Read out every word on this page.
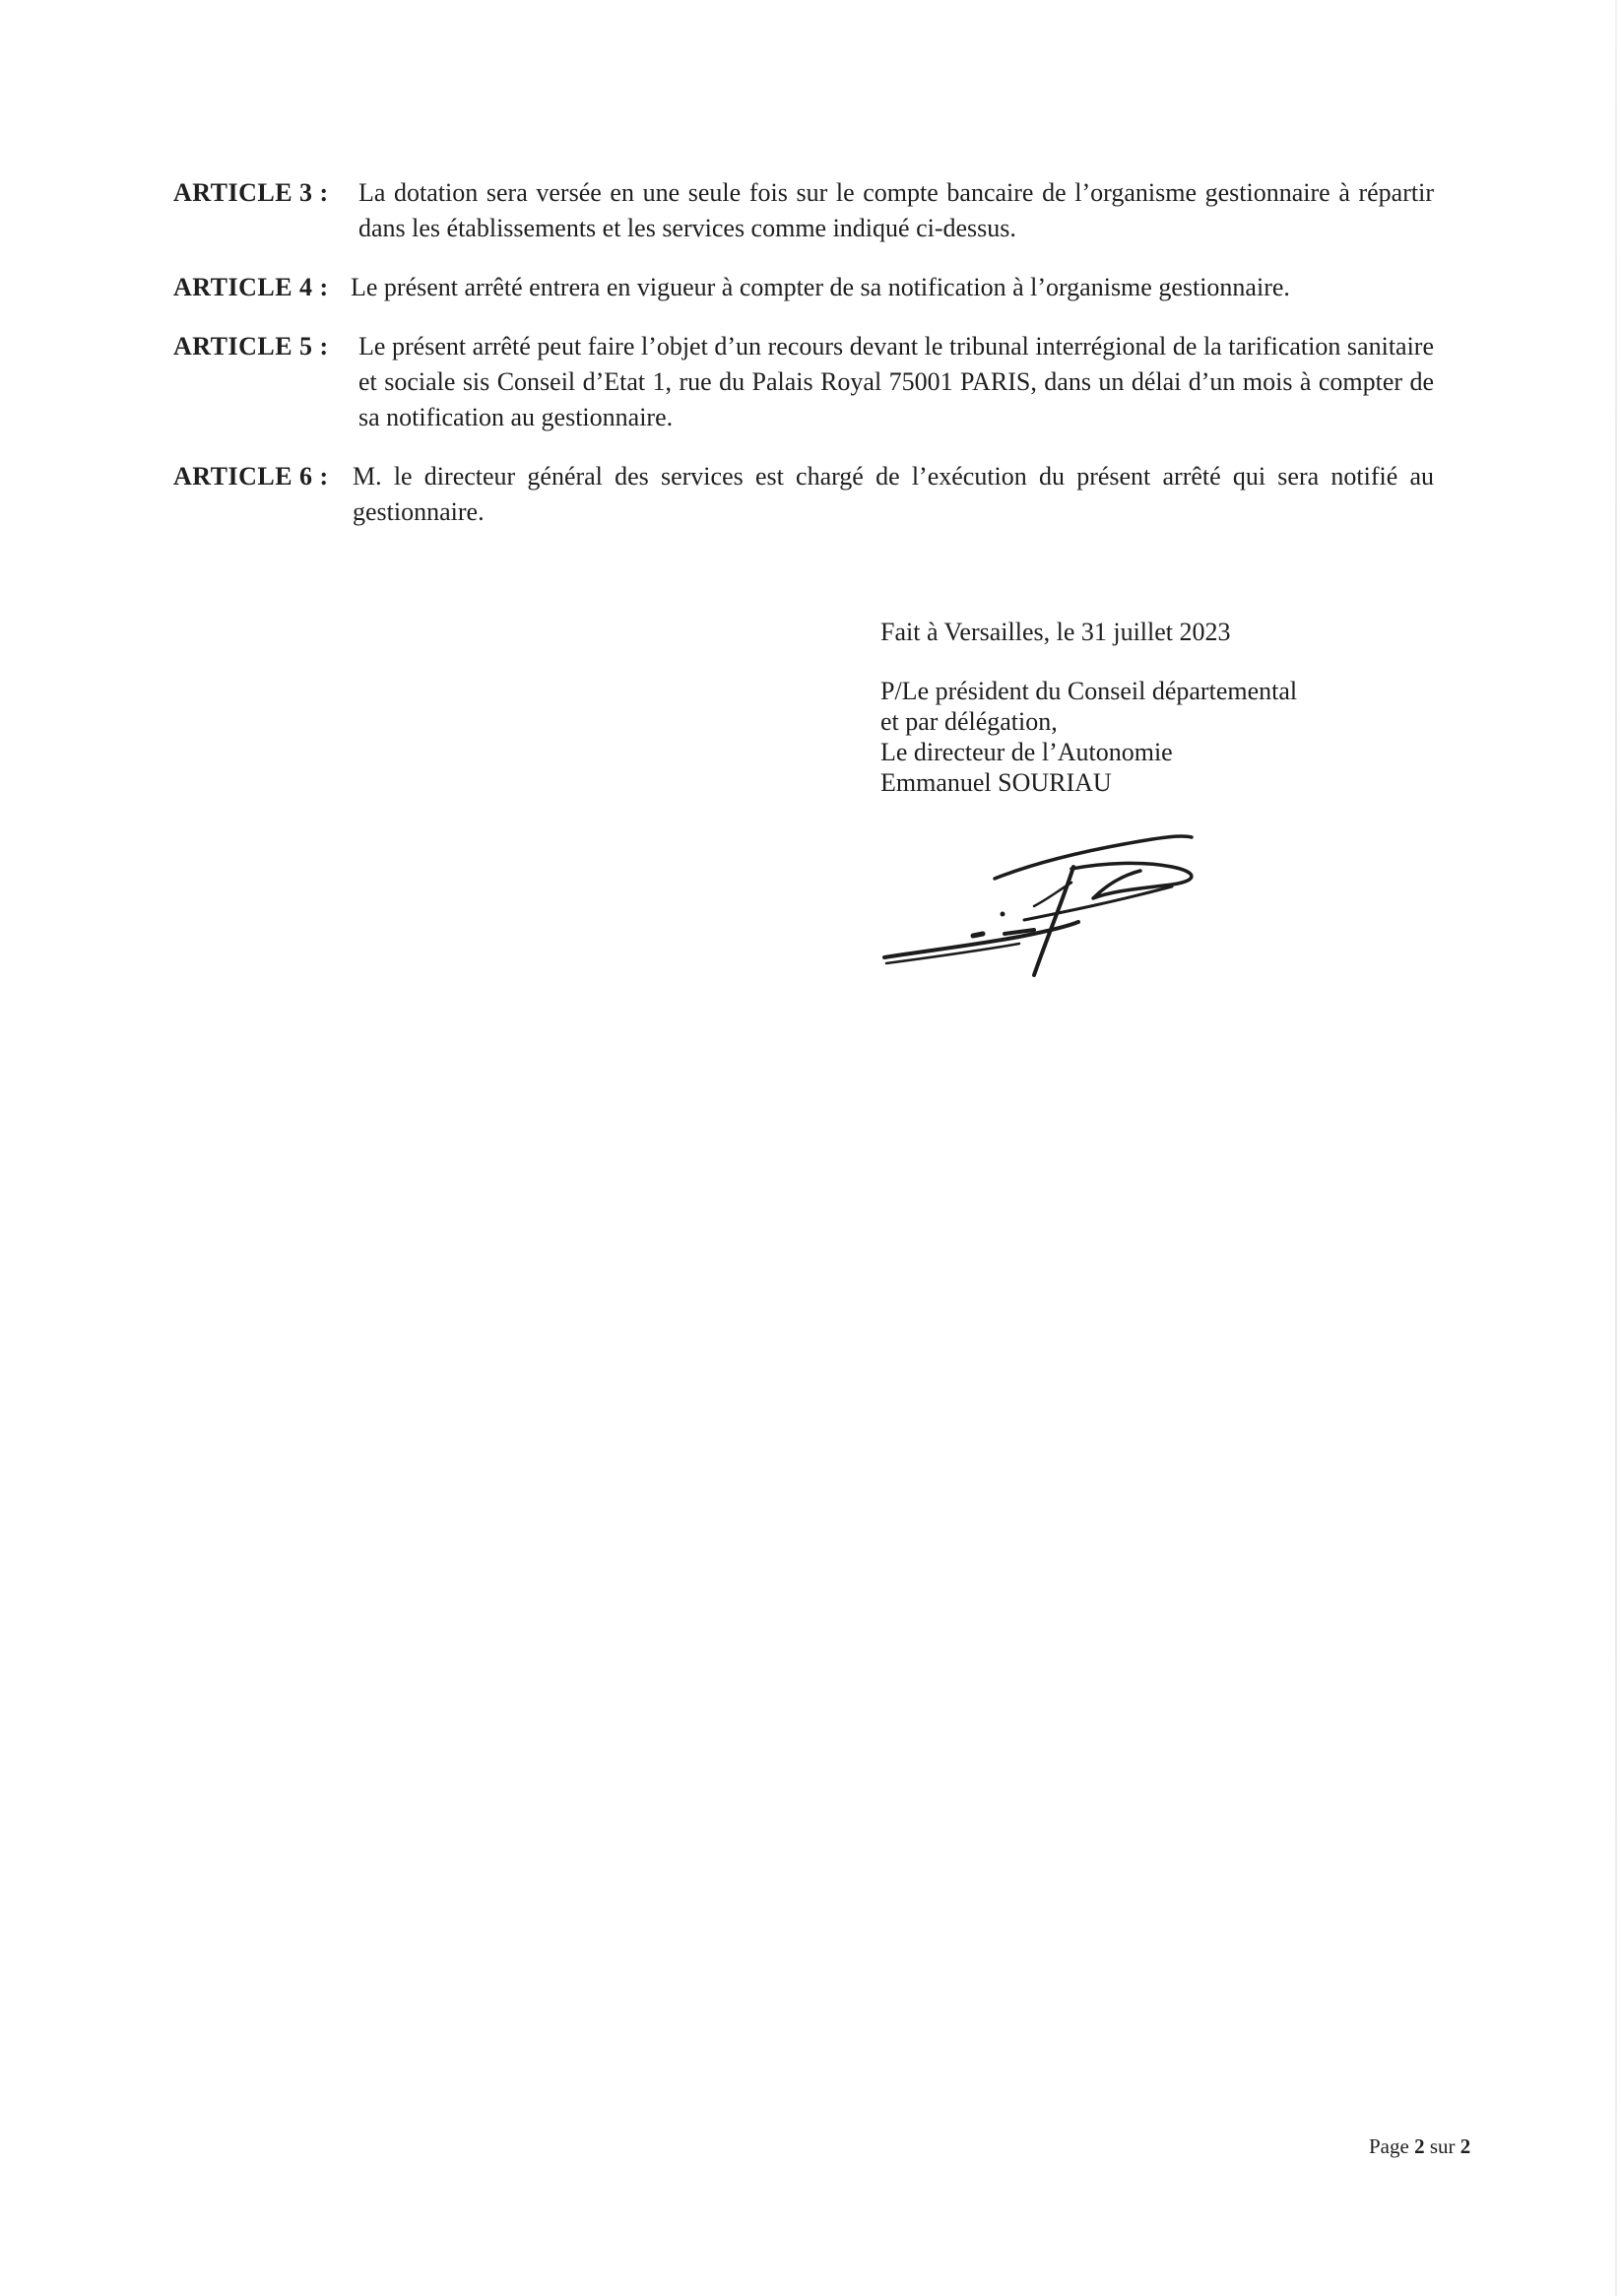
ARTICLE 3 :	La dotation sera versée en une seule fois sur le compte bancaire de l’organisme gestionnaire à répartir dans les établissements et les services comme indiqué ci-dessus.
ARTICLE 4 : Le présent arrêté entrera en vigueur à compter de sa notification à l’organisme gestionnaire.
ARTICLE 5 :	Le présent arrêté peut faire l’objet d’un recours devant le tribunal interrégional de la tarification sanitaire et sociale sis Conseil d’Etat 1, rue du Palais Royal 75001 PARIS, dans un délai d’un mois à compter de sa notification au gestionnaire.
ARTICLE 6 : M. le directeur général des services est chargé de l’exécution du présent arrêté qui sera notifié au gestionnaire.
Fait à Versailles, le 31 juillet 2023
P/Le président du Conseil départemental
et par délégation,
Le directeur de l’Autonomie
Emmanuel SOURIAU
Page 2 sur 2
